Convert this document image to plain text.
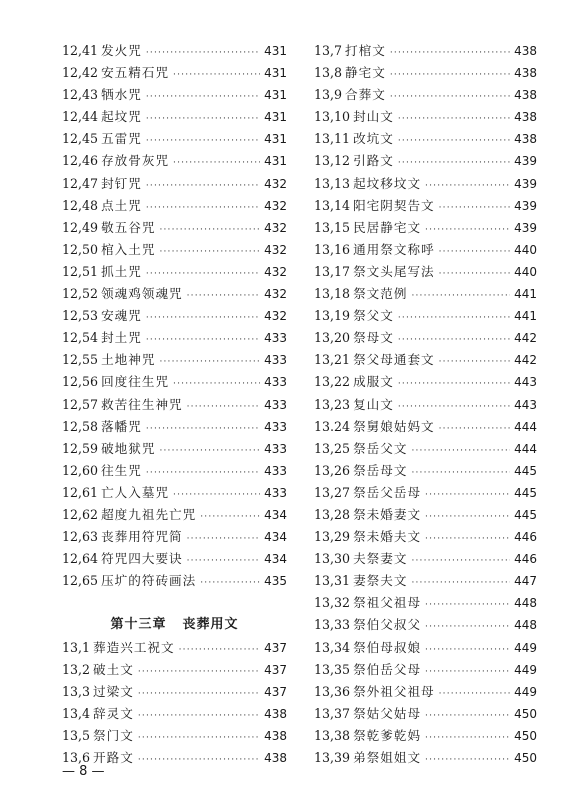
12,41 发火咒 ·····	431
12,42 安五精石咒 ·····	431
12,43 牺水咒 ·····	431
12,44 起坟咒 ·····	431
12,45 五雷咒 ·····	431
12,46 存放骨灰咒 ·····	431
12,47 封钉咒 ·····	432
12,48 点土咒 ·····	432
12,49 敬五谷咒 ·····	432
12,50 棺入土咒 ·····	432
12,51 抓土咒 ·····	432
12,52 领魂鸡领魂咒 ·····	432
12,53 安魂咒 ·····	432
12,54 封土咒 ·····	433
12,55 土地神咒 ·····	433
12,56 回度往生咒 ·····	433
12,57 救苦往生神咒 ·····	433
12,58 落幡咒 ·····	433
12,59 破地狱咒 ·····	433
12,60 往生咒 ·····	433
12,61 亡人入墓咒 ·····	433
12,62 超度九祖先亡咒 ·····	434
12,63 丧葬用符咒简 ·····	434
12,64 符咒四大要诀 ·····	434
12,65 压圹的符砖画法 ·····	435
第十三章 丧葬用文
13,1 葬造兴工祝文 ·····	437
13,2 破土文 ·····	437
13,3 过梁文 ·····	437
13,4 辞灵文 ·····	438
13,5 祭门文 ·····	438
13,6 开路文 ·····	438
13,7 打棺文 ·····	438
13,8 静宅文 ·····	438
13,9 合葬文 ·····	438
13,10 封山文 ·····	438
13,11 改坑文 ·····	438
13,12 引路文 ·····	439
13,13 起坟移坟文 ·····	439
13,14 阳宅阴契告文 ·····	439
13,15 民居静宅文 ·····	439
13,16 通用祭文称呼 ·····	440
13,17 祭文头尾写法 ·····	440
13,18 祭文范例 ·····	441
13,19 祭父文 ·····	441
13,20 祭母文 ·····	442
13,21 祭父母通套文 ·····	442
13,22 成服文 ·····	443
13,23 复山文 ·····	443
13.24 祭舅娘姑妈文 ·····	444
13,25 祭岳父文 ·····	444
13,26 祭岳母文 ·····	445
13,27 祭岳父岳母 ·····	445
13,28 祭未婚妻文 ·····	445
13,29 祭未婚夫文 ·····	446
13,30 夫祭妻文 ·····	446
13,31 妻祭夫文 ·····	447
13,32 祭祖父祖母 ·····	448
13,33 祭伯父叔父 ·····	448
13,34 祭伯母叔娘 ·····	449
13,35 祭伯岳父母 ·····	449
13,36 祭外祖父祖母 ·····	449
13,37 祭姑父姑母 ·····	450
13,38 祭乾爹乾妈 ·····	450
13,39 弟祭姐姐文 ·····	450
— 8 —
